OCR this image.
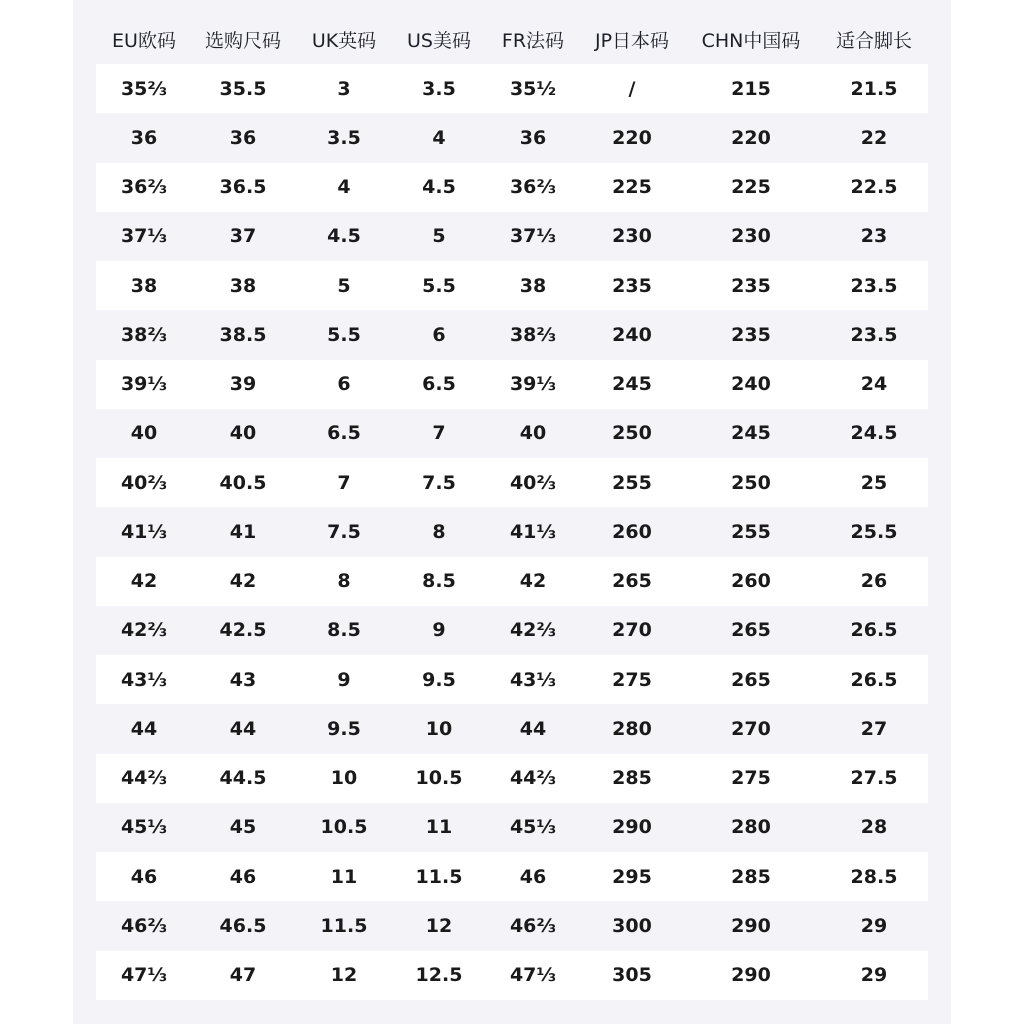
EU欧码	选购尺码	UK英码	US美码	FR法码	JP日本码	CHN中国码	适合脚长
35⅔	35.5	3	3.5	35½	/	215	21.5
36	36	3.5	4	36	220	220	22
36⅔	36.5	4	4.5	36⅔	225	225	22.5
37⅓	37	4.5	5	37⅓	230	230	23
38	38	5	5.5	38	235	235	23.5
38⅔	38.5	5.5	6	38⅔	240	235	23.5
39⅓	39	6	6.5	39⅓	245	240	24
40	40	6.5	7	40	250	245	24.5
40⅔	40.5	7	7.5	40⅔	255	250	25
41⅓	41	7.5	8	41⅓	260	255	25.5
42	42	8	8.5	42	265	260	26
42⅔	42.5	8.5	9	42⅔	270	265	26.5
43⅓	43	9	9.5	43⅓	275	265	26.5
44	44	9.5	10	44	280	270	27
44⅔	44.5	10	10.5	44⅔	285	275	27.5
45⅓	45	10.5	11	45⅓	290	280	28
46	46	11	11.5	46	295	285	28.5
46⅔	46.5	11.5	12	46⅔	300	290	29
47⅓	47	12	12.5	47⅓	305	290	29
